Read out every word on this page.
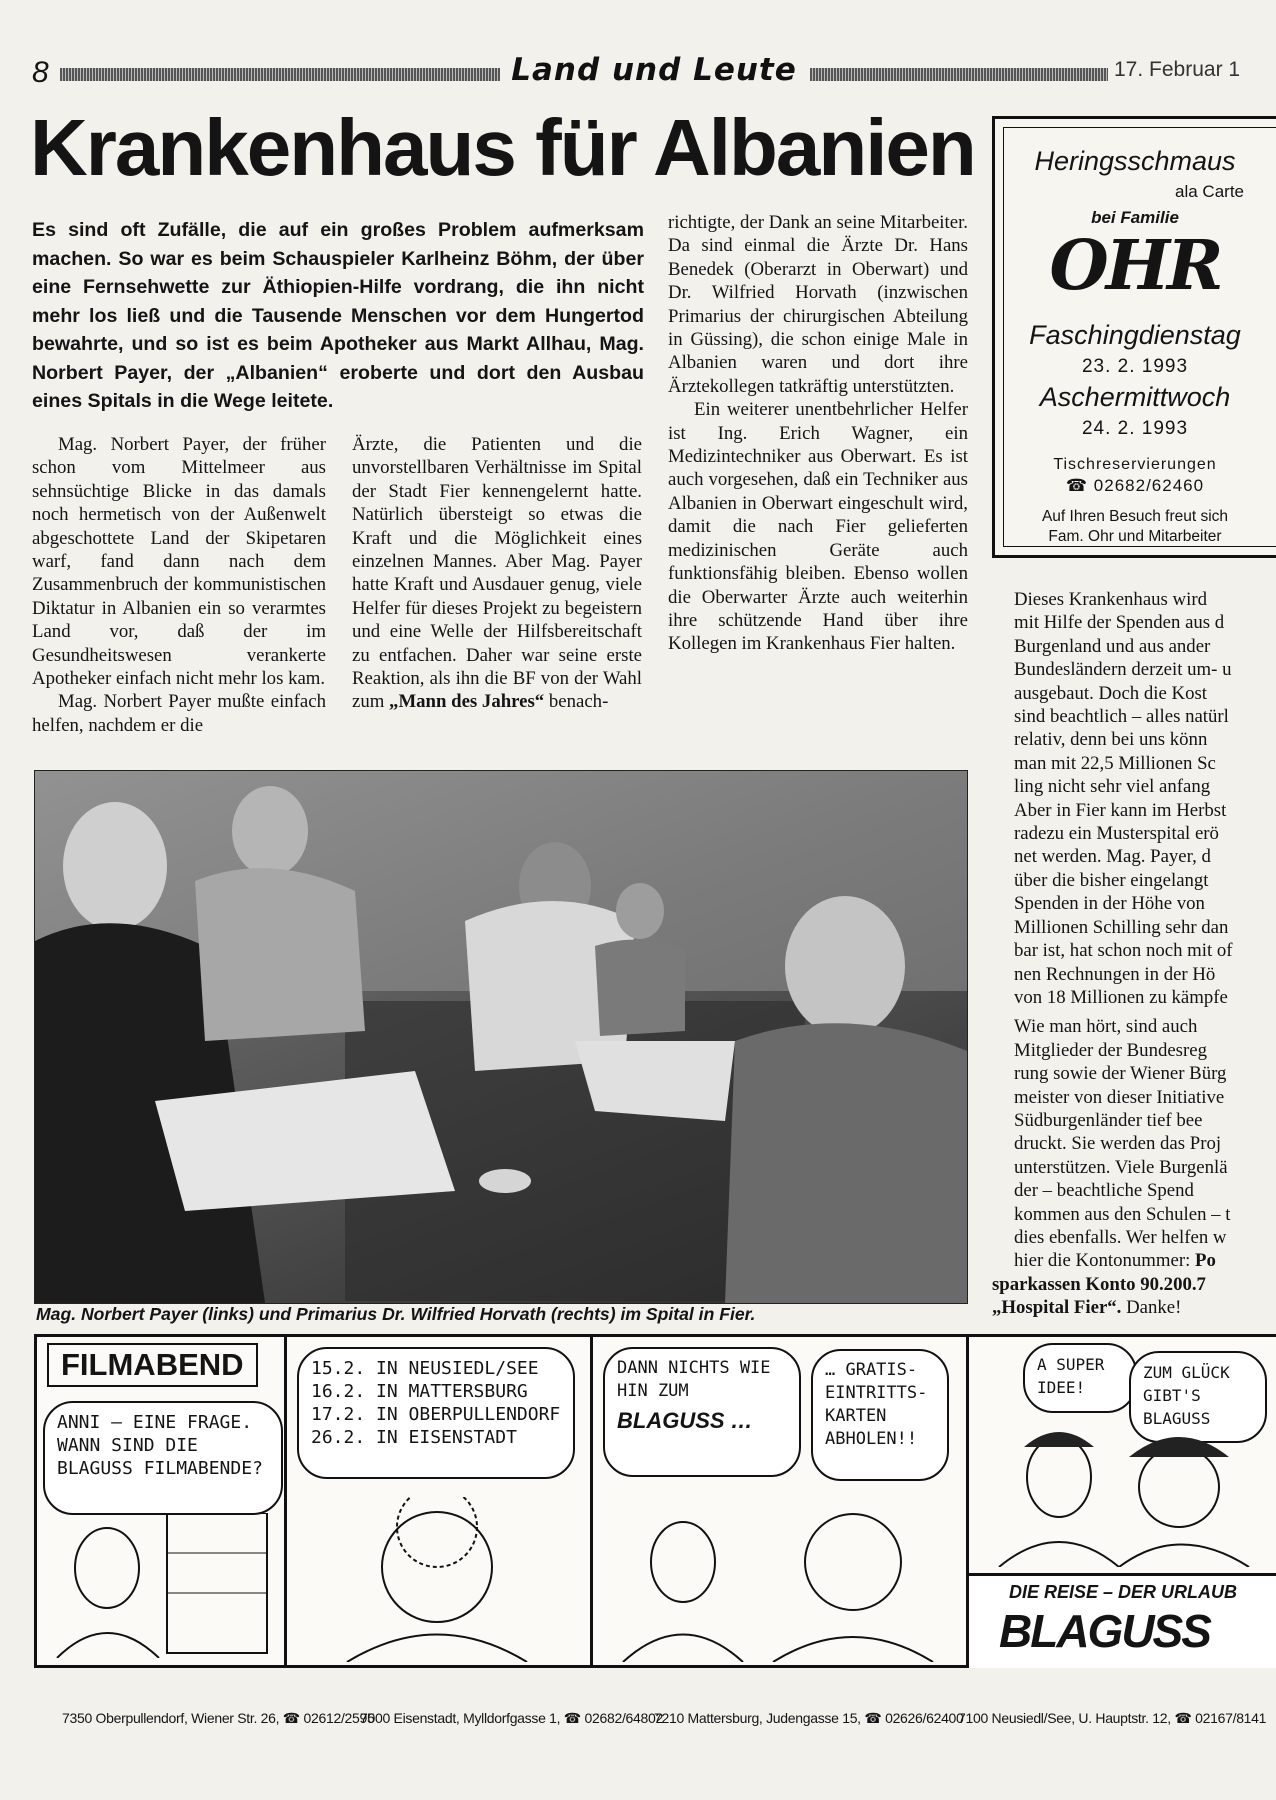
8	Land und Leute	17. Februar 1
Krankenhaus für Albanien
Es sind oft Zufälle, die auf ein großes Problem aufmerksam machen. So war es beim Schauspieler Karlheinz Böhm, der über eine Fernsehwette zur Äthiopien-Hilfe vordrang, die ihn nicht mehr los ließ und die Tausende Menschen vor dem Hungertod bewahrte, und so ist es beim Apotheker aus Markt Allhau, Mag. Norbert Payer, der „Albanien“ eroberte und dort den Ausbau eines Spitals in die Wege leitete.

Mag. Norbert Payer, der früher schon vom Mittelmeer aus sehnsüchtige Blicke in das damals noch hermetisch von der Außenwelt abgeschottete Land der Skipetaren warf, fand dann nach dem Zusammenbruch der kommunistischen Diktatur in Albanien ein so verarmtes Land vor, daß der im Gesundheitswesen verankerte Apotheker einfach nicht mehr los kam.

Mag. Norbert Payer mußte einfach helfen, nachdem er die

Ärzte, die Patienten und die unvorstellbaren Verhältnisse im Spital der Stadt Fier kennengelernt hatte. Natürlich übersteigt so etwas die Kraft und die Möglichkeit eines einzelnen Mannes. Aber Mag. Payer hatte Kraft und Ausdauer genug, viele Helfer für dieses Projekt zu begeistern und eine Welle der Hilfsbereitschaft zu entfachen. Daher war seine erste Reaktion, als ihn die BF von der Wahl zum „Mann des Jahres“ benach-

richtigte, der Dank an seine Mitarbeiter. Da sind einmal die Ärzte Dr. Hans Benedek (Oberarzt in Oberwart) und Dr. Wilfried Horvath (inzwischen Primarius der chirurgischen Abteilung in Güssing), die schon einige Male in Albanien waren und dort ihre Ärztekollegen tatkräftig unterstützten.

Ein weiterer unentbehrlicher Helfer ist Ing. Erich Wagner, ein Medizintechniker aus Oberwart. Es ist auch vorgesehen, daß ein Techniker aus Albanien in Oberwart eingeschult wird, damit die nach Fier gelieferten medizinischen Geräte auch funktionsfähig bleiben. Ebenso wollen die Oberwarter Ärzte auch weiterhin ihre schützende Hand über ihre Kollegen im Krankenhaus Fier halten.

Dieses Krankenhaus wird
mit Hilfe der Spenden aus d
Burgenland und aus ander
Bundesländern derzeit um- u
ausgebaut. Doch die Kost
sind beachtlich – alles natürl
relativ, denn bei uns könn
man mit 22,5 Millionen Sc
ling nicht sehr viel anfang
Aber in Fier kann im Herbst
radezu ein Musterspital erö
net werden. Mag. Payer, d
über die bisher eingelangt
Spenden in der Höhe von
Millionen Schilling sehr dan
bar ist, hat schon noch mit of
nen Rechnungen in der Hö
von 18 Millionen zu kämpfe
Wie man hört, sind auch
Mitglieder der Bundesreg
rung sowie der Wiener Bürg
meister von dieser Initiative
Südburgenländer tief bee
druckt. Sie werden das Proj
unterstützen. Viele Burgenlä
der – beachtliche Spend
kommen aus den Schulen – t
dies ebenfalls. Wer helfen w
hier die Kontonummer: Po
sparkassen Konto 90.200.7
„Hospital Fier“. Danke!
Heringsschmaus
ala Carte
bei Familie
OHR
Faschingdienstag
23. 2. 1993
Aschermittwoch
24. 2. 1993
Tischreservierungen
☎ 02682/62460
Auf Ihren Besuch freut sich
Fam. Ohr und Mitarbeiter
Mag. Norbert Payer (links) und Primarius Dr. Wilfried Horvath (rechts) im Spital in Fier.
FILMABEND
ANNI – EINE FRAGE. WANN SIND DIE BLAGUSS FILMABENDE?
15.2. IN NEUSIEDL/SEE
16.2. IN MATTERSBURG
17.2. IN OBERPULLENDORF
26.2. IN EISENSTADT
DANN NICHTS WIE HIN ZUM
BLAGUSS …
… GRATIS-EINTRITTS-KARTEN ABHOLEN!!
A SUPER IDEE!
ZUM GLÜCK GIBT'S BLAGUSS
DIE REISE – DER URLAUB
BLAGUSS
7350 Oberpullendorf, Wiener Str. 26, ☎ 02612/2595
7000 Eisenstadt, Mylldorfgasse 1, ☎ 02682/64802
7210 Mattersburg, Judengasse 15, ☎ 02626/62400
7100 Neusiedl/See, U. Hauptstr. 12, ☎ 02167/8141
